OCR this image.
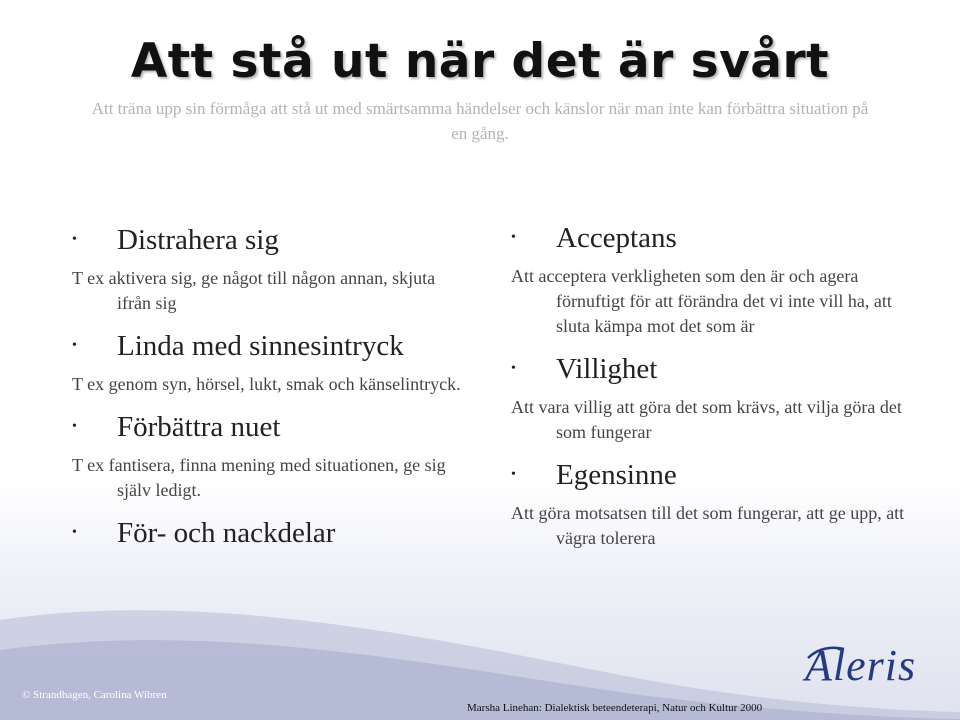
Att stå ut när det är svårt
Att träna upp sin förmåga att stå ut med smärtsamma händelser och känslor när man inte kan förbättra situation på en gång.
• Distrahera sig
T ex aktivera sig, ge något till någon annan, skjuta ifrån sig
• Linda med sinnesintryck
T ex genom syn, hörsel, lukt, smak och känselintryck.
• Förbättra nuet
T ex fantisera, finna mening med situationen, ge sig själv ledigt.
• För- och nackdelar
• Acceptans
Att acceptera verkligheten som den är och agera förnuftigt för att förändra det vi inte vill ha, att sluta kämpa mot det som är
• Villighet
Att vara villig att göra det som krävs, att vilja göra det som fungerar
• Egensinne
Att göra motsatsen till det som fungerar, att ge upp, att vägra tolerera
© Strandhagen, Carolina Wibren
Aleris
Marsha Linehan: Dialektisk beteendeterapi, Natur och Kultur 2000
